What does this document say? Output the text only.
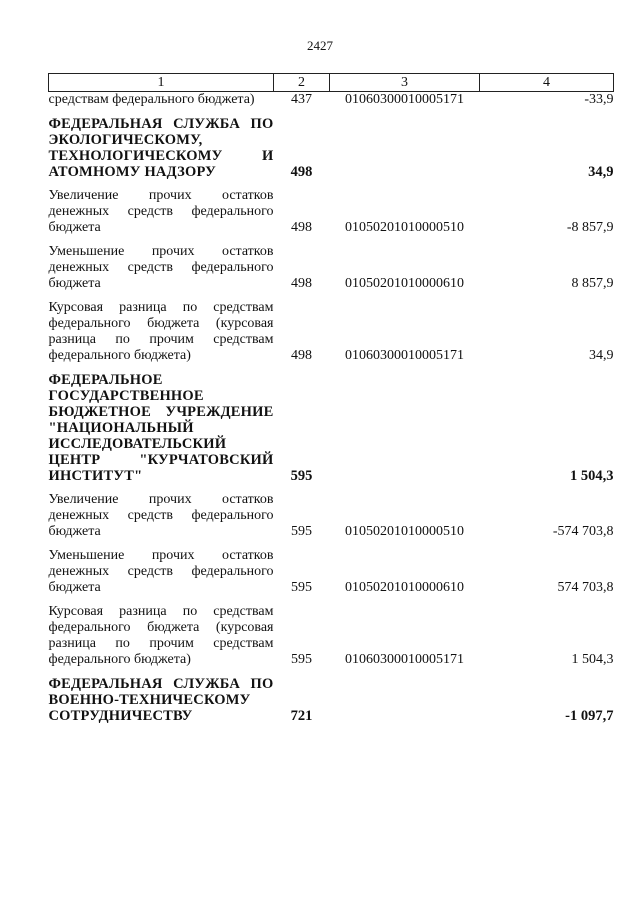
2427
1	2	3	4
средствам федерального бюджета)	437	01060300010005171	-33,9

ФЕДЕРАЛЬНАЯ СЛУЖБА ПО ЭКОЛОГИЧЕСКОМУ, ТЕХНОЛОГИЧЕСКОМУ И АТОМНОМУ НАДЗОРУ	498		34,9

Увеличение прочих остатков денежных средств федерального бюджета	498	01050201010000510	-8 857,9

Уменьшение прочих остатков денежных средств федерального бюджета	498	01050201010000610	8 857,9

Курсовая разница по средствам федерального бюджета (курсовая разница по прочим средствам федерального бюджета)	498	01060300010005171	34,9

ФЕДЕРАЛЬНОЕ ГОСУДАРСТВЕННОЕ БЮДЖЕТНОЕ УЧРЕЖДЕНИЕ "НАЦИОНАЛЬНЫЙ ИССЛЕДОВАТЕЛЬСКИЙ ЦЕНТР "КУРЧАТОВСКИЙ ИНСТИТУТ"	595		1 504,3

Увеличение прочих остатков денежных средств федерального бюджета	595	01050201010000510	-574 703,8

Уменьшение прочих остатков денежных средств федерального бюджета	595	01050201010000610	574 703,8

Курсовая разница по средствам федерального бюджета (курсовая разница по прочим средствам федерального бюджета)	595	01060300010005171	1 504,3

ФЕДЕРАЛЬНАЯ СЛУЖБА ПО ВОЕННО-ТЕХНИЧЕСКОМУ СОТРУДНИЧЕСТВУ	721		-1 097,7
